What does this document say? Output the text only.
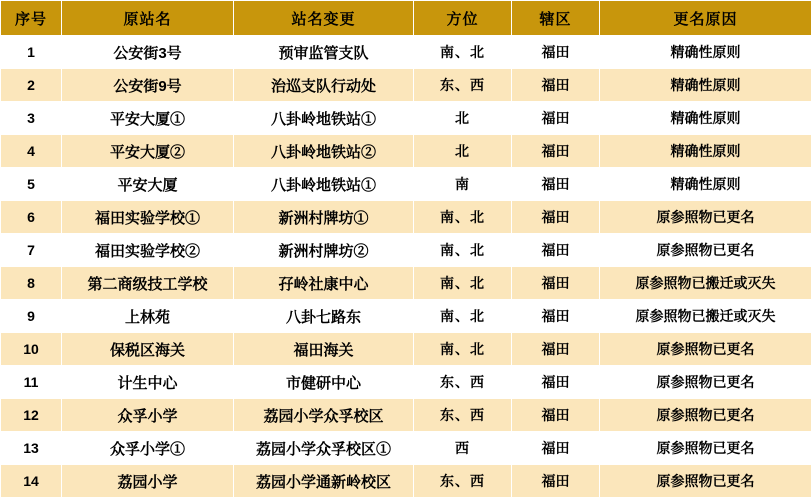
序号	原站名	站名变更	方位	辖区	更名原因
1	公安街3号	预审监管支队	南、北	福田	精确性原则
2	公安街9号	治巡支队行动处	东、西	福田	精确性原则
3	平安大厦①	八卦岭地铁站①	北	福田	精确性原则
4	平安大厦②	八卦岭地铁站②	北	福田	精确性原则
5	平安大厦	八卦岭地铁站①	南	福田	精确性原则
6	福田实验学校①	新洲村牌坊①	南、北	福田	原参照物已更名
7	福田实验学校②	新洲村牌坊②	南、北	福田	原参照物已更名
8	第二商级技工学校	孖岭社康中心	南、北	福田	原参照物已搬迁或灭失
9	上林苑	八卦七路东	南、北	福田	原参照物已搬迁或灭失
10	保税区海关	福田海关	南、北	福田	原参照物已更名
11	计生中心	市健研中心	东、西	福田	原参照物已更名
12	众孚小学	荔园小学众孚校区	东、西	福田	原参照物已更名
13	众孚小学①	荔园小学众孚校区①	西	福田	原参照物已更名
14	荔园小学	荔园小学通新岭校区	东、西	福田	原参照物已更名
